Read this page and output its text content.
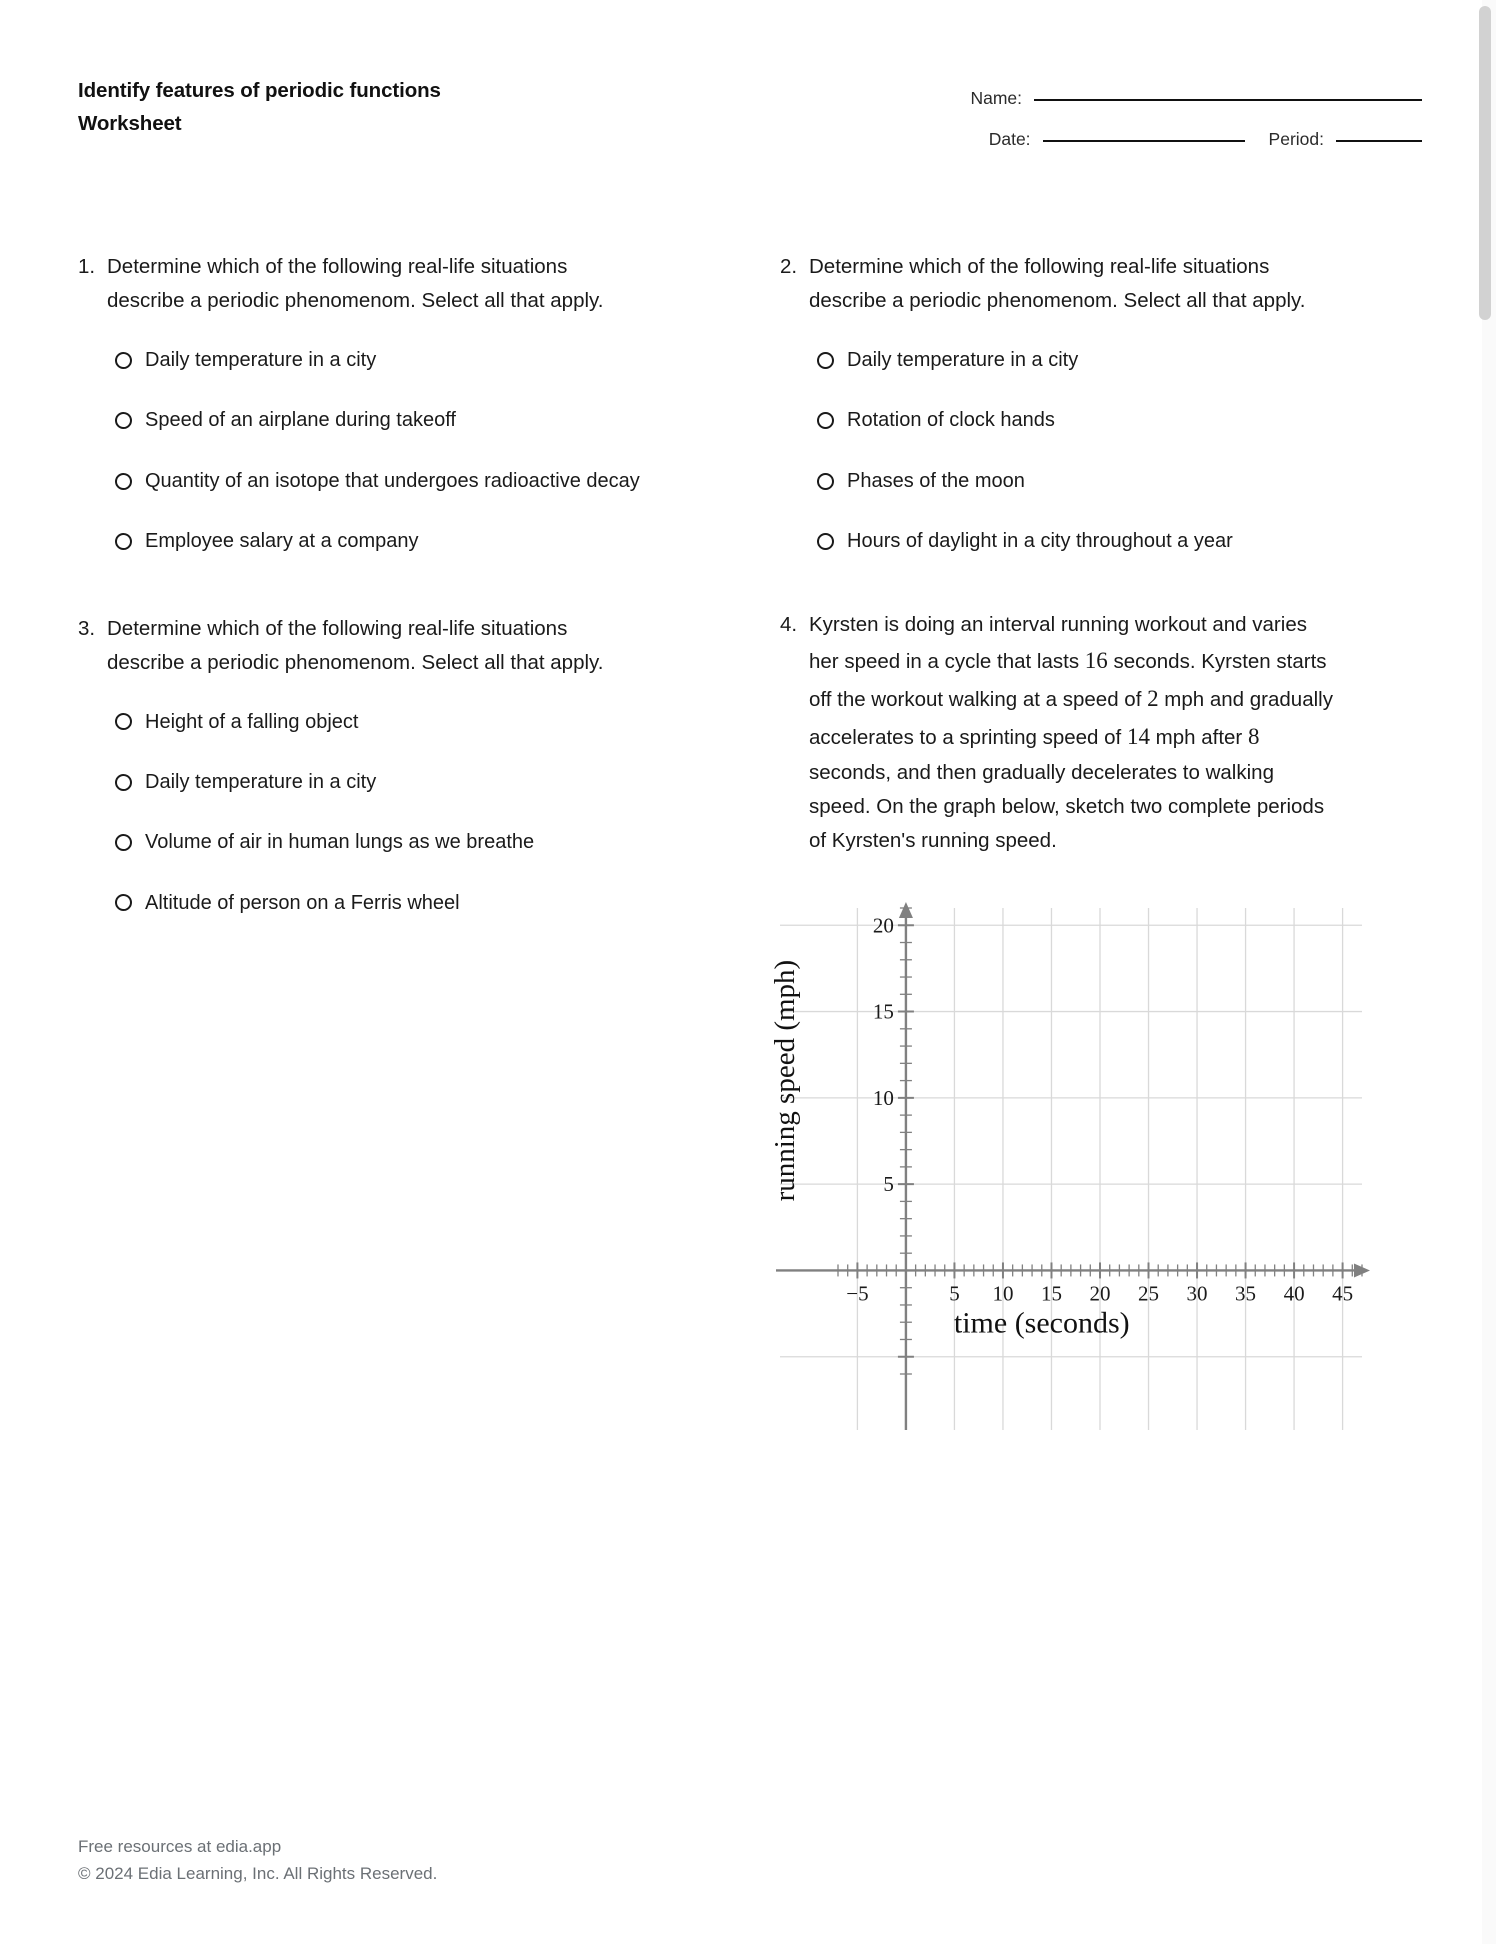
Identify features of periodic functions
Worksheet
Name:
Date:	Period:
1. Determine which of the following real-life situations describe a periodic phenomenom. Select all that apply.
Daily temperature in a city
Speed of an airplane during takeoff
Quantity of an isotope that undergoes radioactive decay
Employee salary at a company
3. Determine which of the following real-life situations describe a periodic phenomenom. Select all that apply.
Height of a falling object
Daily temperature in a city
Volume of air in human lungs as we breathe
Altitude of person on a Ferris wheel
2. Determine which of the following real-life situations describe a periodic phenomenom. Select all that apply.
Daily temperature in a city
Rotation of clock hands
Phases of the moon
Hours of daylight in a city throughout a year
4. Kyrsten is doing an interval running workout and varies her speed in a cycle that lasts 16 seconds. Kyrsten starts off the workout walking at a speed of 2 mph and gradually accelerates to a sprinting speed of 14 mph after 8 seconds, and then gradually decelerates to walking speed. On the graph below, sketch two complete periods of Kyrsten's running speed.
−5	5 10 15 20 25 30 35 40 45
5
10
15
20
time (seconds)
running speed (mph)
Free resources at edia.app
© 2024 Edia Learning, Inc. All Rights Reserved.
